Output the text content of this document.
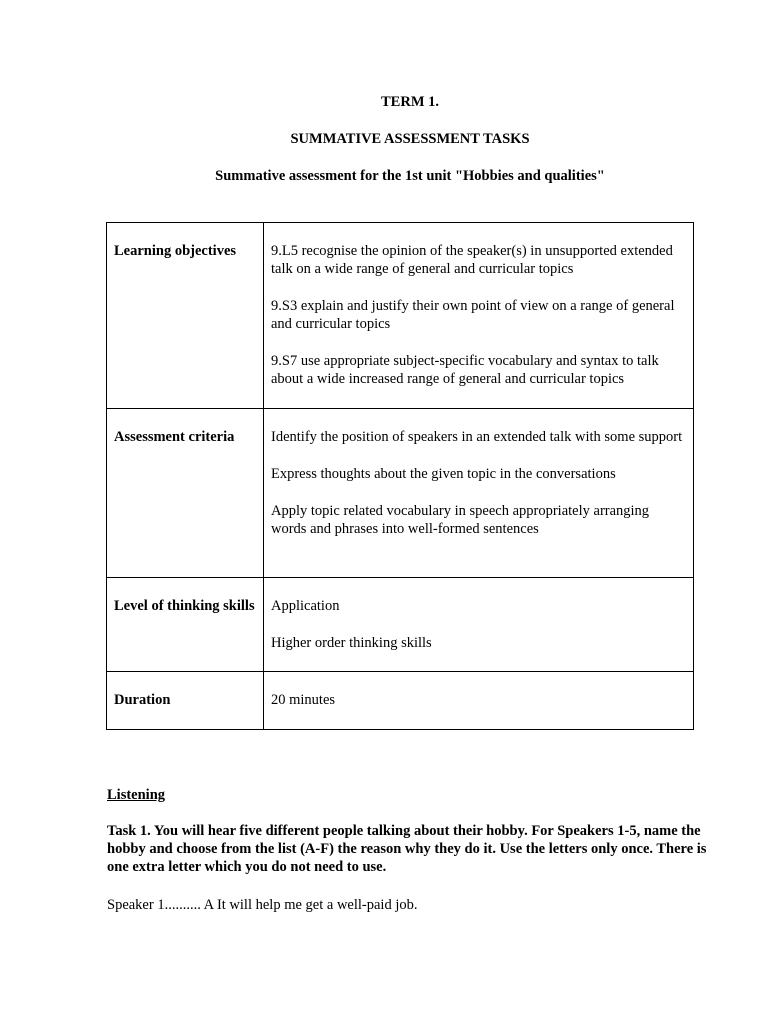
TERM 1.
SUMMATIVE ASSESSMENT TASKS
Summative assessment for the 1st unit "Hobbies and qualities"
Learning objectives	9.L5 recognise the opinion of the speaker(s) in unsupported extended talk on a wide range of general and curricular topics

9.S3 explain and justify their own point of view on a range of general and curricular topics

9.S7 use appropriate subject-specific vocabulary and syntax to talk about a wide increased range of general and curricular topics

Assessment criteria	Identify the position of speakers in an extended talk with some support

Express thoughts about the given topic in the conversations

Apply topic related vocabulary in speech appropriately arranging words and phrases into well-formed sentences

Level of thinking skills	Application

Higher order thinking skills

Duration	20 minutes

Listening
Task 1. You will hear five different people talking about their hobby. For Speakers 1-5, name the hobby and choose from the list (A-F) the reason why they do it. Use the letters only once. There is one extra letter which you do not need to use.
Speaker 1.......... A It will help me get a well-paid job.
